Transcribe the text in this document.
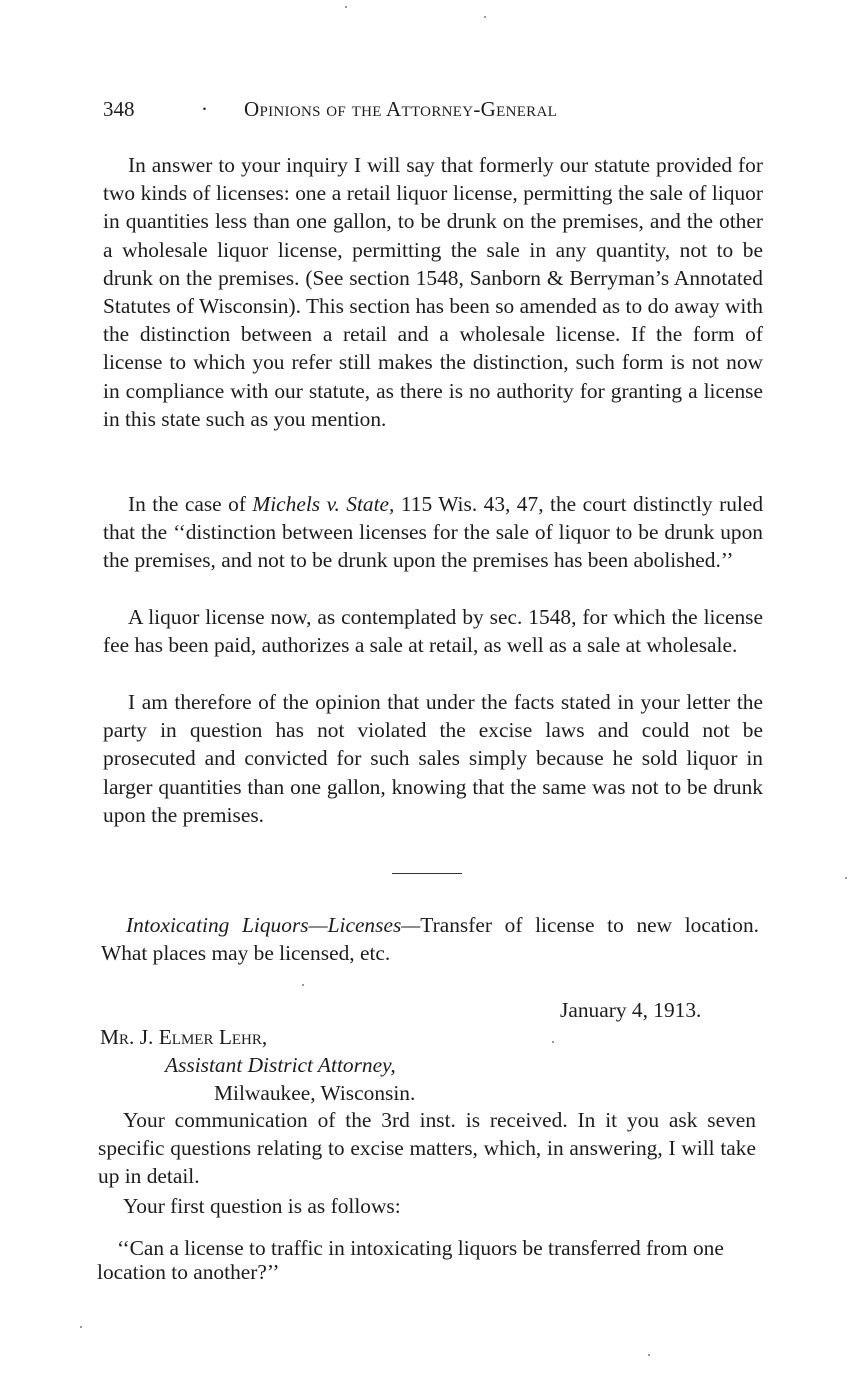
348	· Opinions of the Attorney-General

In answer to your inquiry I will say that formerly our statute provided for two kinds of licenses: one a retail liquor license, permitting the sale of liquor in quantities less than one gallon, to be drunk on the premises, and the other a wholesale liquor license, permitting the sale in any quantity, not to be drunk on the premises. (See section 1548, Sanborn & Berryman’s Annotated Statutes of Wisconsin). This section has been so amended as to do away with the distinction between a retail and a wholesale license. If the form of license to which you refer still makes the distinction, such form is not now in compliance with our statute, as there is no authority for granting a license in this state such as you mention.

In the case of Michels v. State, 115 Wis. 43, 47, the court distinctly ruled that the ‘‘distinction between licenses for the sale of liquor to be drunk upon the premises, and not to be drunk upon the premises has been abolished.’’

A liquor license now, as contemplated by sec. 1548, for which the license fee has been paid, authorizes a sale at retail, as well as a sale at wholesale.

I am therefore of the opinion that under the facts stated in your letter the party in question has not violated the excise laws and could not be prosecuted and convicted for such sales simply because he sold liquor in larger quantities than one gallon, knowing that the same was not to be drunk upon the premises.

Intoxicating Liquors—Licenses—Transfer of license to new location. What places may be licensed, etc.

January 4, 1913.
Mr. J. Elmer Lehr,
Assistant District Attorney,
Milwaukee, Wisconsin.

Your communication of the 3rd inst. is received. In it you ask seven specific questions relating to excise matters, which, in answering, I will take up in detail.

Your first question is as follows:

‘‘Can a license to traffic in intoxicating liquors be transferred from one location to another?’’
